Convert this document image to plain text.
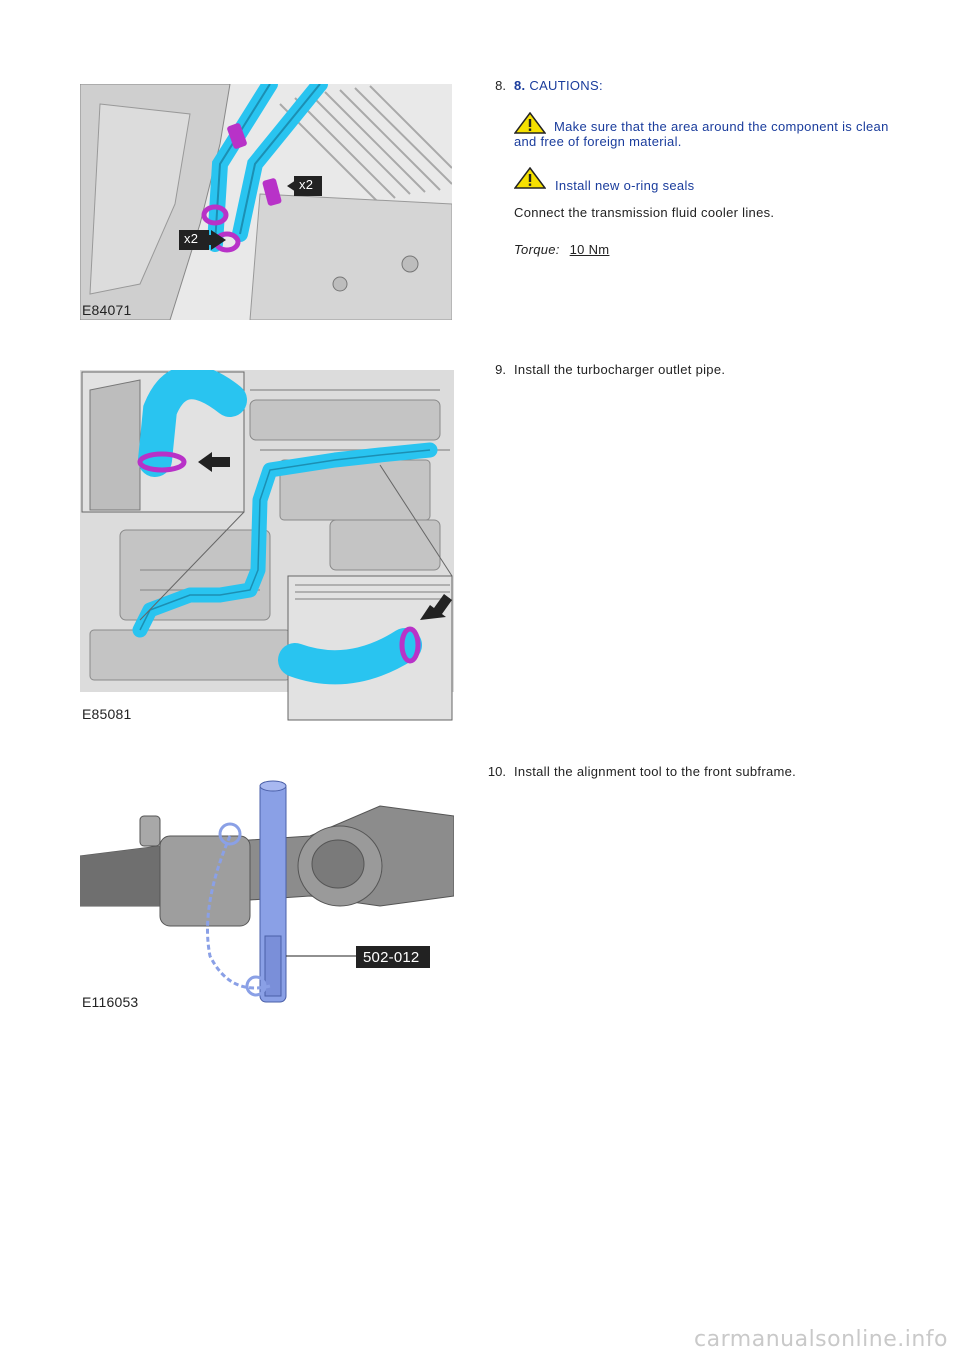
x2
x2
E84071
8. 8. CAUTIONS:
Make sure that the area around the component is clean and free of foreign material.
Install new o-ring seals
Connect the transmission fluid cooler lines.
Torque: 10 Nm
E85081
9. Install the turbocharger outlet pipe.
502-012
E116053
10. Install the alignment tool to the front subframe.
carmanualsonline.info
